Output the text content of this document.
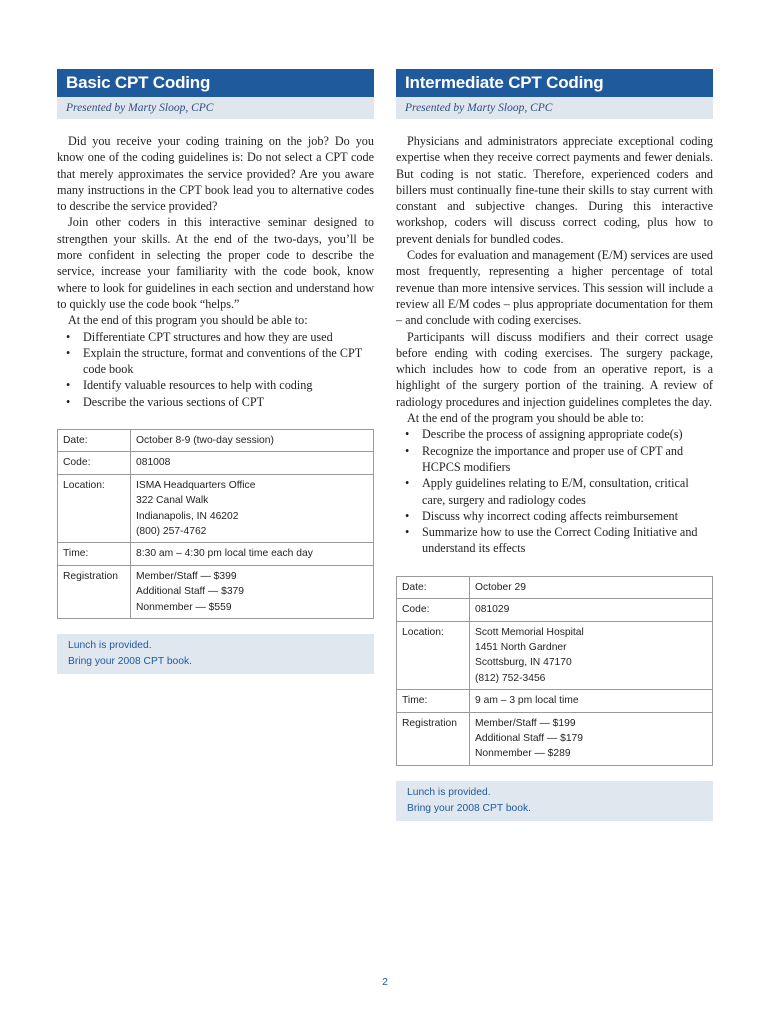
Basic CPT Coding
Presented by Marty Sloop, CPC

Did you receive your coding training on the job? Do you know one of the coding guidelines is: Do not select a CPT code that merely approximates the service provided? Are you aware many instructions in the CPT book lead you to alternative codes to describe the service provided?

Join other coders in this interactive seminar designed to strengthen your skills. At the end of the two-days, you’ll be more confident in selecting the proper code to describe the service, increase your familiarity with the code book, know where to look for guidelines in each section and understand how to quickly use the code book “helps.”

At the end of this program you should be able to:

• Differentiate CPT structures and how they are used
• Explain the structure, format and conventions of the CPT code book
• Identify valuable resources to help with coding
• Describe the various sections of CPT
Date:	October 8-9 (two-day session)
Code:	081008
Location:	ISMA Headquarters Office
322 Canal Walk
Indianapolis, IN 46202
(800) 257-4762

Time:	8:30 am – 4:30 pm local time each day
Registration	Member/Staff — $399
Additional Staff — $379
Nonmember — $559
Lunch is provided.
Bring your 2008 CPT book.
Intermediate CPT Coding
Presented by Marty Sloop, CPC

Physicians and administrators appreciate exceptional coding expertise when they receive correct payments and fewer denials. But coding is not static. Therefore, experienced coders and billers must continually fine-tune their skills to stay current with constant and subjective changes. During this interactive workshop, coders will discuss correct coding, plus how to prevent denials for bundled codes.

Codes for evaluation and management (E/M) services are used most frequently, representing a higher percentage of total revenue than more intensive services. This session will include a review all E/M codes – plus appropriate documentation for them – and conclude with coding exercises.

Participants will discuss modifiers and their correct usage before ending with coding exercises. The surgery package, which includes how to code from an operative report, is a highlight of the surgery portion of the training. A review of radiology procedures and injection guidelines completes the day.

At the end of the program you should be able to:

• Describe the process of assigning appropriate code(s)
• Recognize the importance and proper use of CPT and HCPCS modifiers
• Apply guidelines relating to E/M, consultation, critical care, surgery and radiology codes
• Discuss why incorrect coding affects reimbursement
• Summarize how to use the Correct Coding Initiative and understand its effects
Date:	October 29
Code:	081029
Location:	Scott Memorial Hospital
1451 North Gardner
Scottsburg, IN 47170
(812) 752-3456

Time:	9 am – 3 pm local time
Registration	Member/Staff — $199
Additional Staff — $179
Nonmember — $289
Lunch is provided.
Bring your 2008 CPT book.
2
